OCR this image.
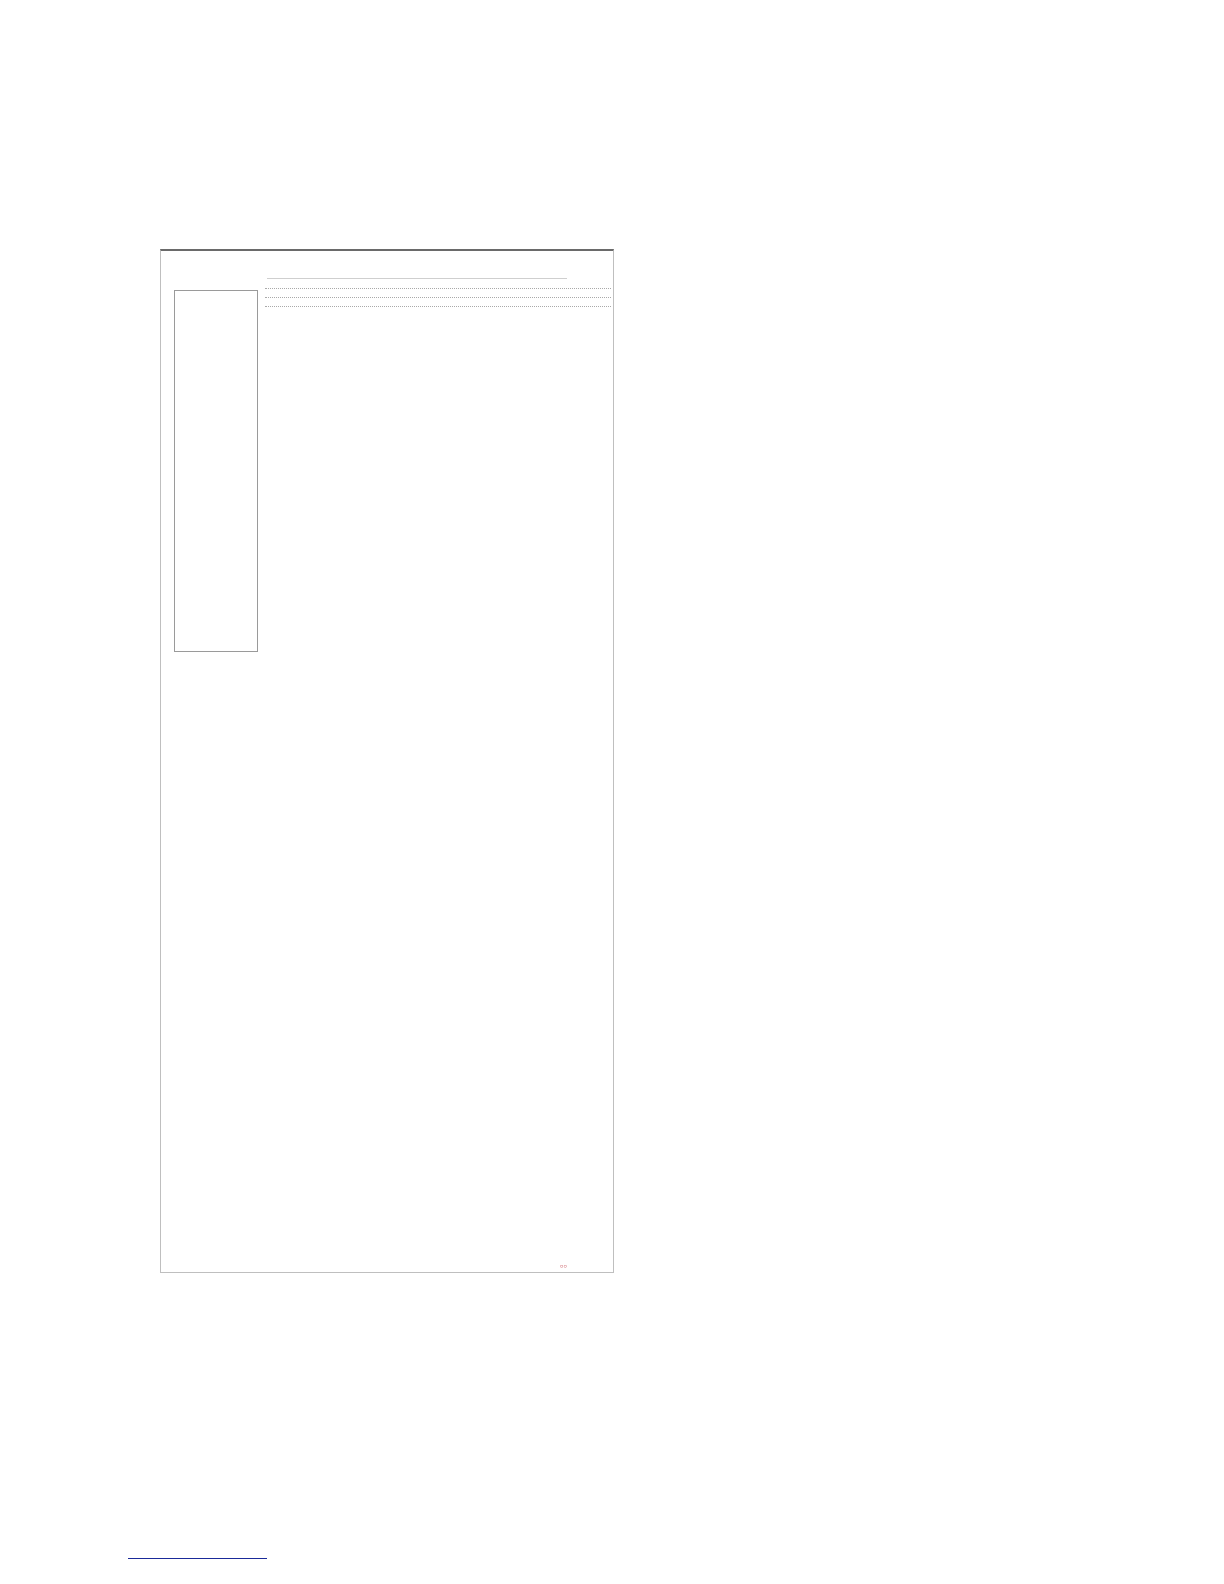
○○
